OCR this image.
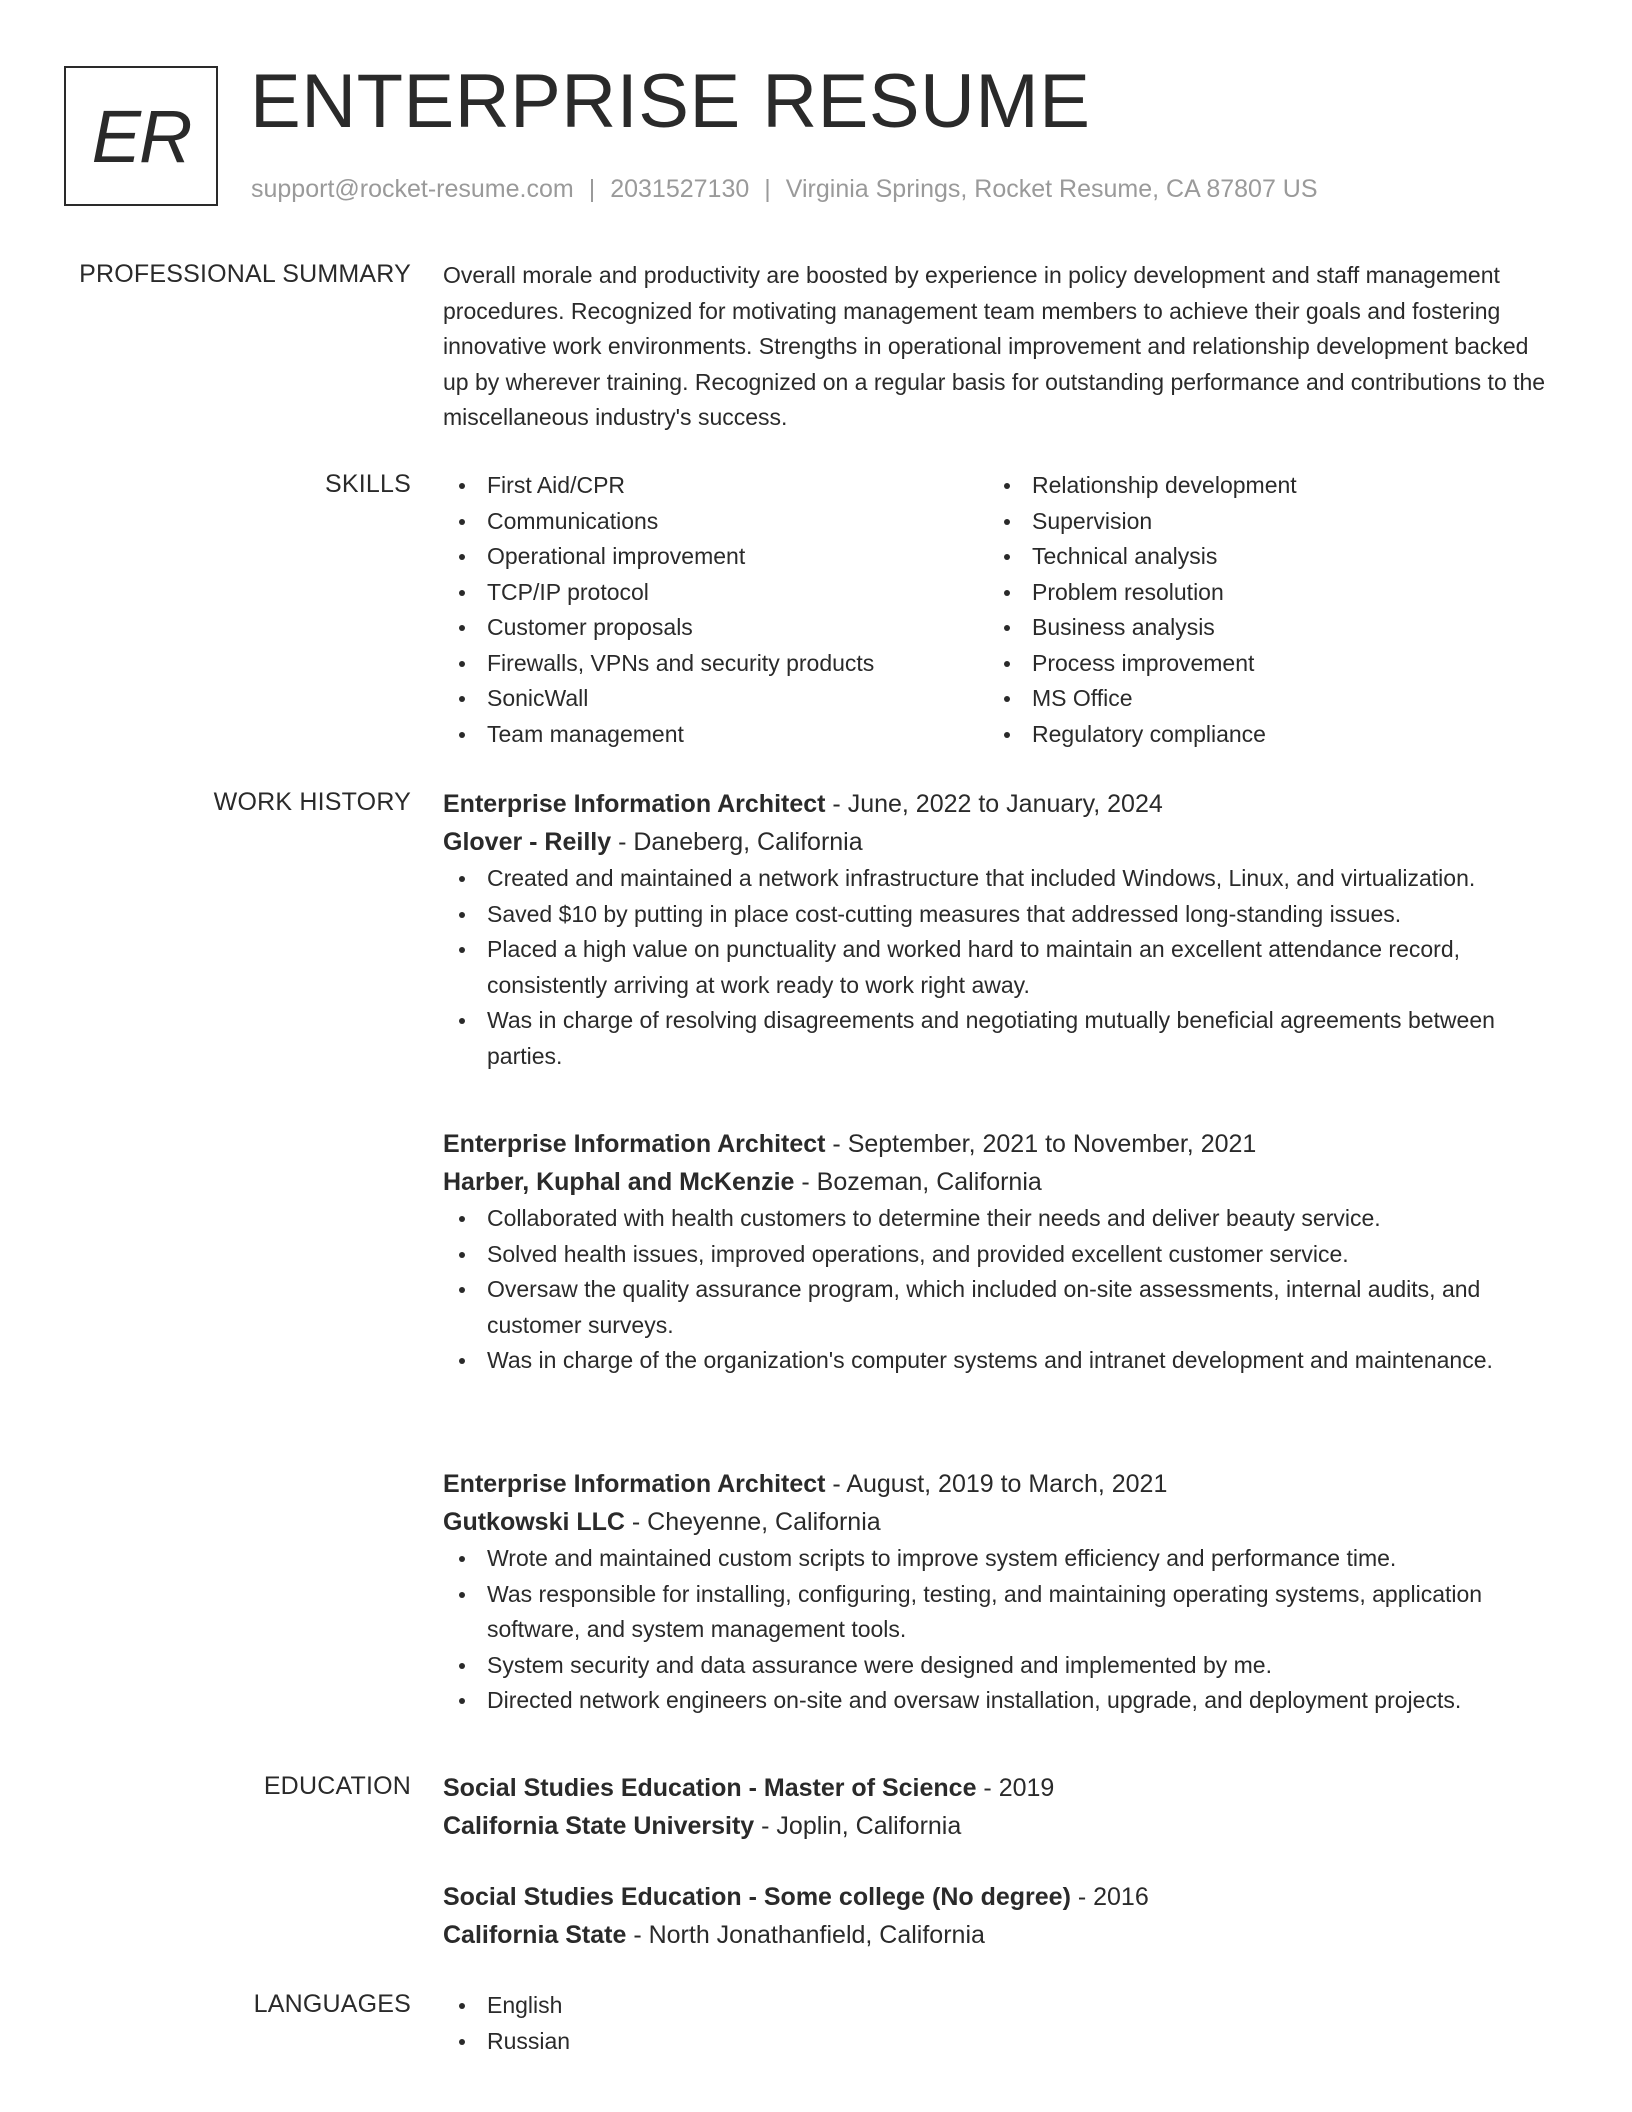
ER ENTERPRISE RESUME
support@rocket-resume.com | 2031527130 | Virginia Springs, Rocket Resume, CA 87807 US
PROFESSIONAL SUMMARY Overall morale and productivity are boosted by experience in policy development and staff management procedures. Recognized for motivating management team members to achieve their goals and fostering innovative work environments. Strengths in operational improvement and relationship development backed up by wherever training. Recognized on a regular basis for outstanding performance and contributions to the miscellaneous industry's success.

SKILLS	First Aid/CPR
Communications
Operational improvement
TCP/IP protocol
Customer proposals
Firewalls, VPNs and security products
SonicWall
Team management
Relationship development
Supervision
Technical analysis
Problem resolution
Business analysis
Process improvement
MS Office
Regulatory compliance
WORK HISTORY Enterprise Information Architect - June, 2022 to January, 2024
Glover - Reilly - Daneberg, California
Created and maintained a network infrastructure that included Windows, Linux, and virtualization.
Saved $10 by putting in place cost-cutting measures that addressed long-standing issues.
Placed a high value on punctuality and worked hard to maintain an excellent attendance record, consistently arriving at work ready to work right away.
Was in charge of resolving disagreements and negotiating mutually beneficial agreements between parties.
Enterprise Information Architect - September, 2021 to November, 2021
Harber, Kuphal and McKenzie - Bozeman, California
Collaborated with health customers to determine their needs and deliver beauty service.
Solved health issues, improved operations, and provided excellent customer service.
Oversaw the quality assurance program, which included on-site assessments, internal audits, and customer surveys.
Was in charge of the organization's computer systems and intranet development and maintenance.
Enterprise Information Architect - August, 2019 to March, 2021
Gutkowski LLC - Cheyenne, California
Wrote and maintained custom scripts to improve system efficiency and performance time.
Was responsible for installing, configuring, testing, and maintaining operating systems, application software, and system management tools.
System security and data assurance were designed and implemented by me.
Directed network engineers on-site and oversaw installation, upgrade, and deployment projects.
EDUCATION Social Studies Education - Master of Science - 2019
California State University - Joplin, California
Social Studies Education - Some college (No degree) - 2016
California State - North Jonathanfield, California
LANGUAGES	English
Russian
